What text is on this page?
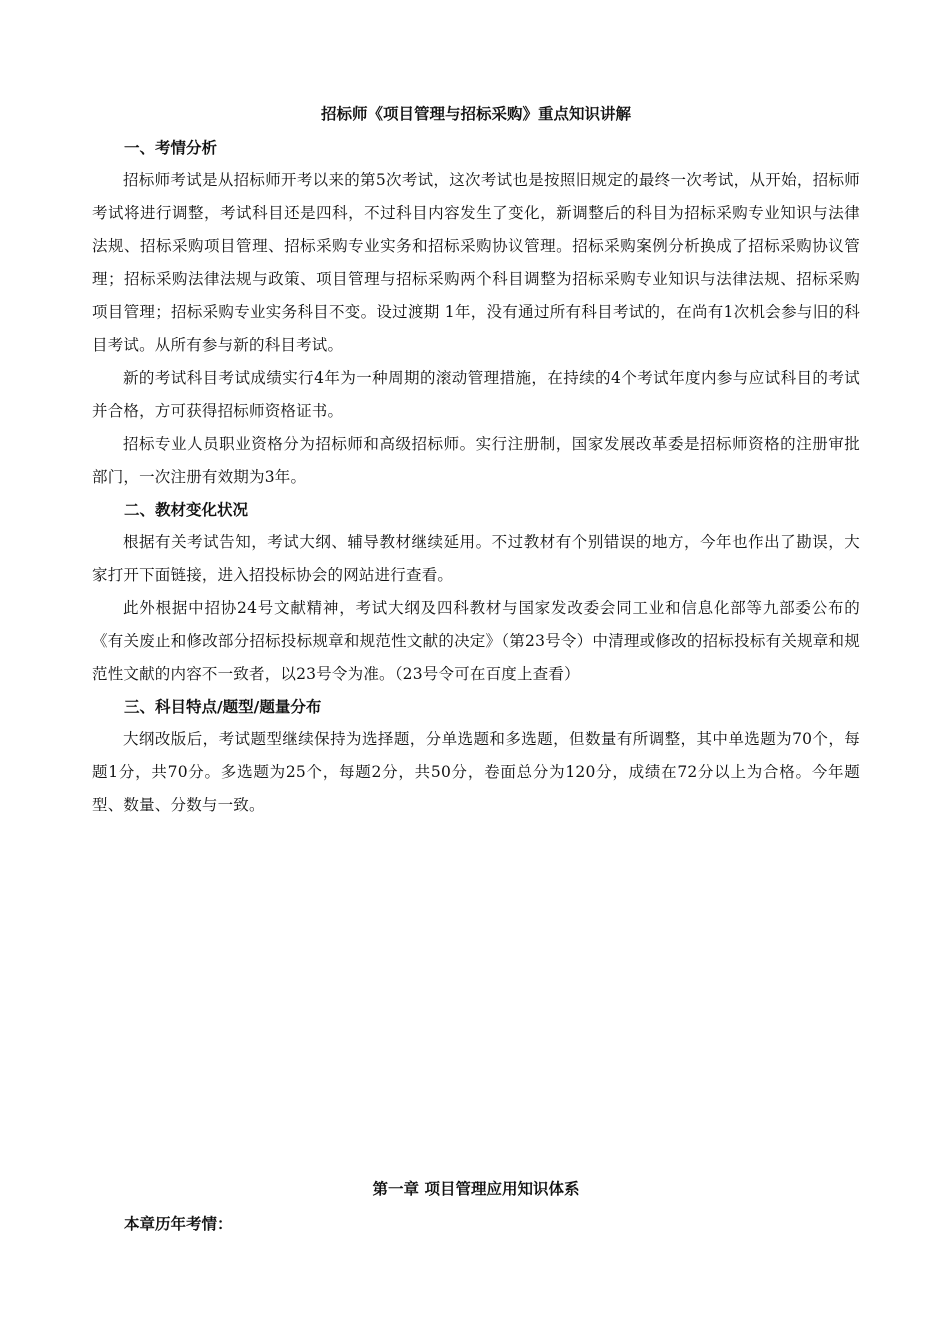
招标师《项目管理与招标采购》重点知识讲解

一、考情分析

招标师考试是从招标师开考以来的第5次考试，这次考试也是按照旧规定的最终一次考试，从开始，招标师考试将进行调整，考试科目还是四科，不过科目内容发生了变化，新调整后的科目为招标采购专业知识与法律法规、招标采购项目管理、招标采购专业实务和招标采购协议管理。招标采购案例分析换成了招标采购协议管理；招标采购法律法规与政策、项目管理与招标采购两个科目调整为招标采购专业知识与法律法规、招标采购项目管理；招标采购专业实务科目不变。设过渡期 1年，没有通过所有科目考试的，在尚有1次机会参与旧的科目考试。从所有参与新的科目考试。

新的考试科目考试成绩实行4年为一种周期的滚动管理措施，在持续的4个考试年度内参与应试科目的考试并合格，方可获得招标师资格证书。

招标专业人员职业资格分为招标师和高级招标师。实行注册制，国家发展改革委是招标师资格的注册审批部门，一次注册有效期为3年。

二、教材变化状况

根据有关考试告知，考试大纲、辅导教材继续延用。不过教材有个别错误的地方，今年也作出了勘误，大家打开下面链接，进入招投标协会的网站进行查看。

此外根据中招协24号文献精神，考试大纲及四科教材与国家发改委会同工业和信息化部等九部委公布的《有关废止和修改部分招标投标规章和规范性文献的决定》（第23号令）中清理或修改的招标投标有关规章和规范性文献的内容不一致者，以23号令为准。（23号令可在百度上查看）

三、科目特点/题型/题量分布

大纲改版后，考试题型继续保持为选择题，分单选题和多选题，但数量有所调整，其中单选题为70个，每题1分，共70分。多选题为25个，每题2分，共50分，卷面总分为120分，成绩在72分以上为合格。今年题型、数量、分数与一致。

第一章 项目管理应用知识体系

本章历年考情：
